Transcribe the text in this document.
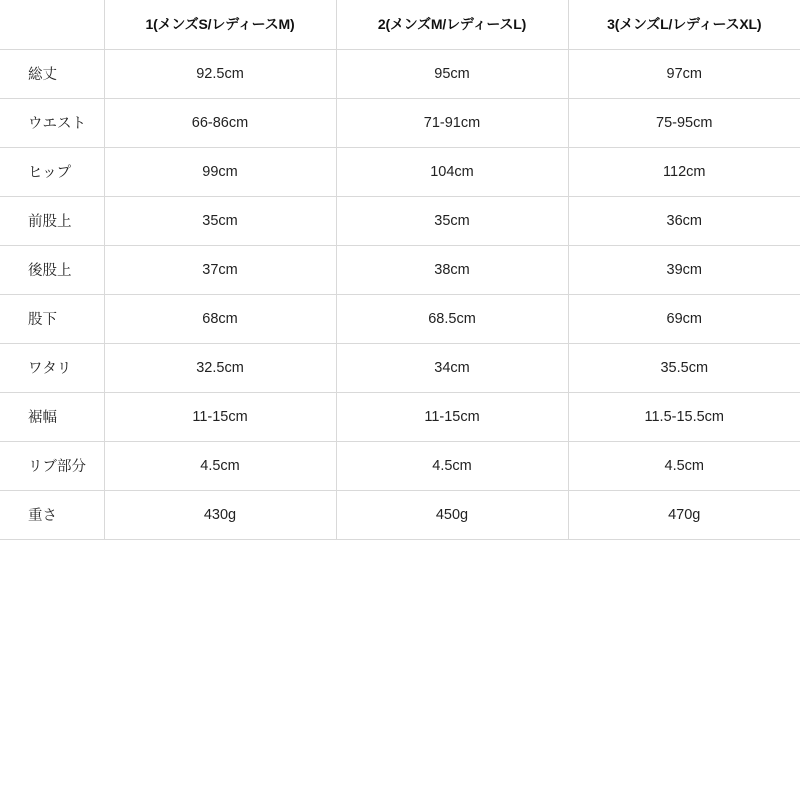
	1(メンズS/レディースM)	2(メンズM/レディースL)	3(メンズL/レディースXL)
総丈	92.5cm	95cm	97cm
ウエスト	66-86cm	71-91cm	75-95cm
ヒップ	99cm	104cm	112cm
前股上	35cm	35cm	36cm
後股上	37cm	38cm	39cm
股下	68cm	68.5cm	69cm
ワタリ	32.5cm	34cm	35.5cm
裾幅	11-15cm	11-15cm	11.5-15.5cm
リブ部分	4.5cm	4.5cm	4.5cm
重さ	430g	450g	470g
